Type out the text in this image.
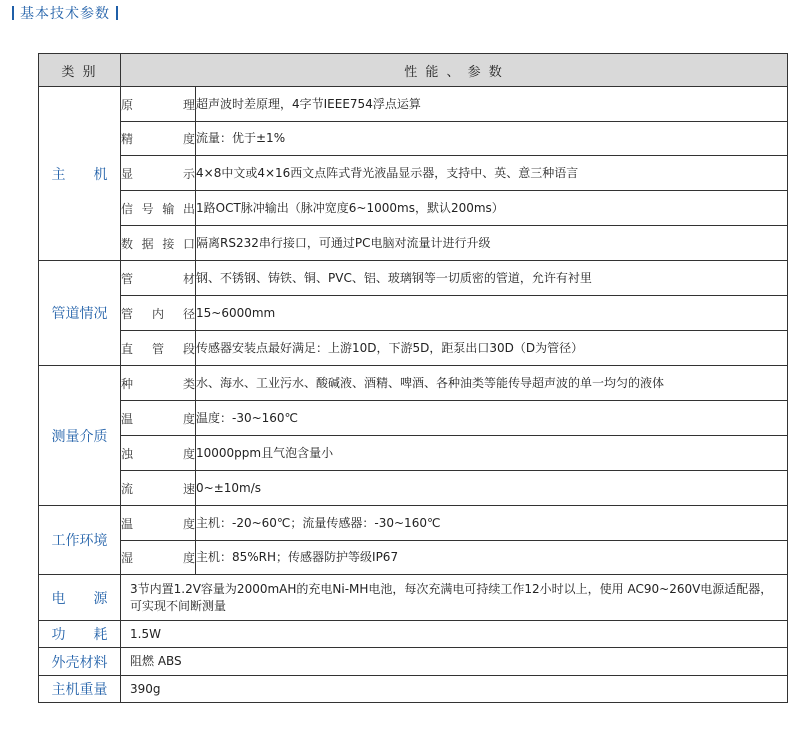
基本技术参数
类 别	性 能 、 参 数	
主　　机	原理	超声波时差原理，4字节IEEE754浮点运算
	精度	流量：优于±1%
	显示	4×8中文或4×16西文点阵式背光液晶显示器，支持中、英、意三种语言
	信号输出	1路OCT脉冲输出（脉冲宽度6~1000ms，默认200ms）
	数据接口	隔离RS232串行接口，可通过PC电脑对流量计进行升级
管道情况	管材	钢、不锈钢、铸铁、铜、PVC、铝、玻璃钢等一切质密的管道，允许有衬里
	管内径	15~6000mm
	直管段	传感器安装点最好满足：上游10D，下游5D，距泵出口30D（D为管径）
测量介质	种类	水、海水、工业污水、酸碱液、酒精、啤酒、各种油类等能传导超声波的单一均匀的液体
	温度	温度：-30~160℃
	浊度	10000ppm且气泡含量小
	流速	0~±10m/s
工作环境	温度	主机：-20~60℃；流量传感器：-30~160℃
	湿度	主机：85%RH；传感器防护等级IP67
电　　源	3节内置1.2V容量为2000mAH的充电Ni-MH电池，每次充满电可持续工作12小时以上，使用 AC90~260V电源适配器，可实现不间断测量	
功　　耗	1.5W	
外壳材料	阻燃 ABS	
主机重量	390g	
